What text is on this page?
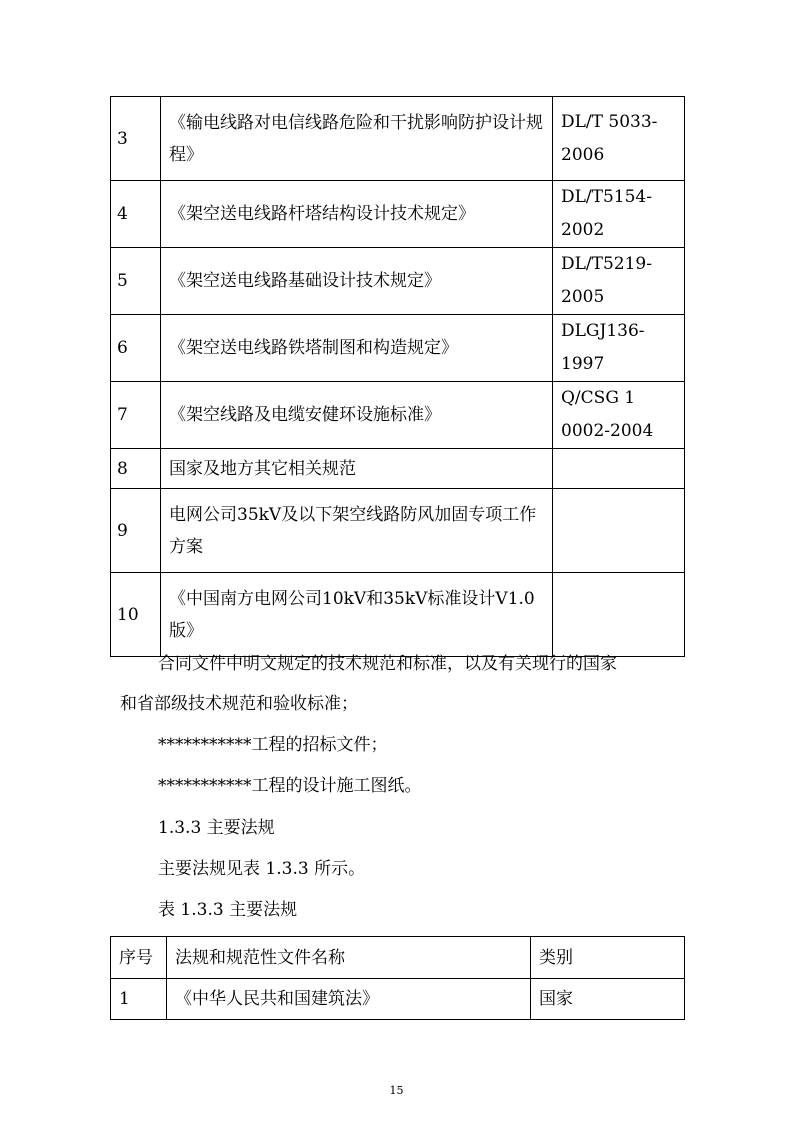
3	《输电线路对电信线路危险和干扰影响防护设计规程》	DL/T 5033-2006
4	《架空送电线路杆塔结构设计技术规定》	DL/T5154-2002
5	《架空送电线路基础设计技术规定》	DL/T5219-2005
6	《架空送电线路铁塔制图和构造规定》	DLGJ136-1997
7	《架空线路及电缆安健环设施标准》	Q/CSG 1 0002-2004
8	国家及地方其它相关规范	
9	电网公司35kV及以下架空线路防风加固专项工作方案	
10	《中国南方电网公司10kV和35kV标准设计V1.0版》	
合同文件中明文规定的技术规范和标准，以及有关现行的国家
和省部级技术规范和验收标准；
***********工程的招标文件；
***********工程的设计施工图纸。
1.3.3 主要法规
主要法规见表 1.3.3 所示。
表 1.3.3 主要法规
序号	法规和规范性文件名称	类别
1	《中华人民共和国建筑法》	国家
15
